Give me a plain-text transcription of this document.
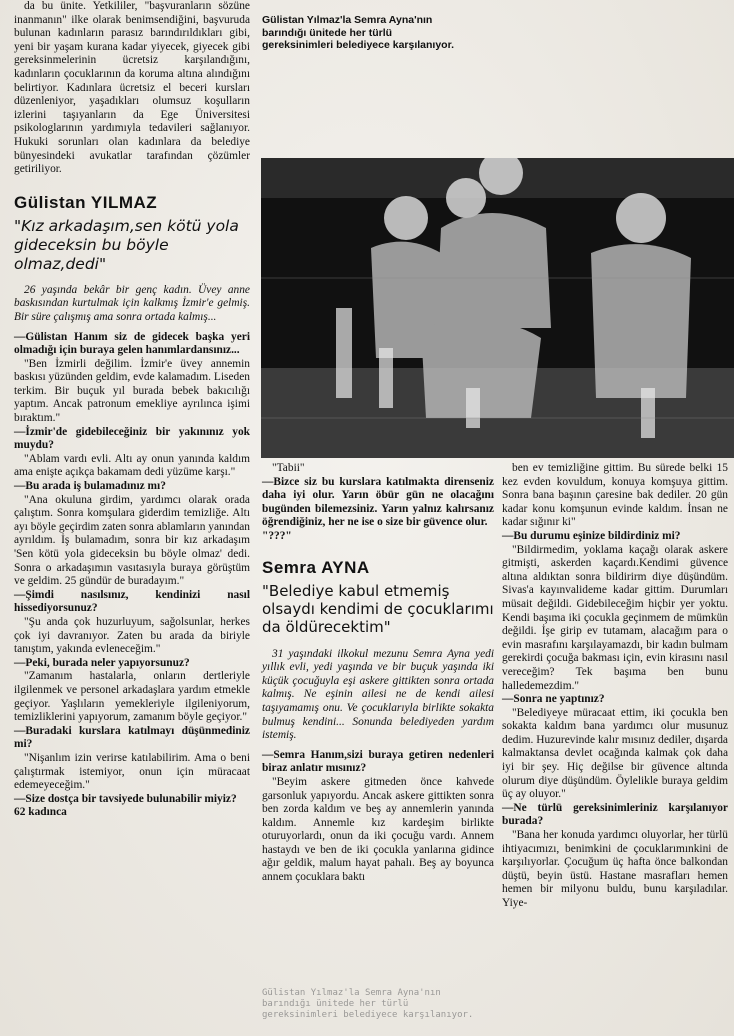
da bu ünite. Yetkililer, "başvuranların sözüne inanmanın" ilke olarak benimsendiğini, başvuruda bulunan kadınların parasız barındırıldıkları gibi, yeni bir yaşam kurana kadar yiyecek, giyecek gibi gereksinmelerinin ücretsiz karşılandığını, kadınların çocuklarının da koruma altına alındığını belirtiyor. Kadınlara ücretsiz el beceri kursları düzenleniyor, yaşadıkları olumsuz koşulların izlerini taşıyanların da Ege Üniversitesi psikologlarının yardımıyla tedavileri sağlanıyor. Hukuki sorunları olan kadınlara da belediye bünyesindeki avukatlar tarafından çözümler getiriliyor.

Gülistan YILMAZ
"Kız arkadaşım,sen kötü yola gideceksin bu böyle olmaz,dedi"

26 yaşında bekâr bir genç kadın. Üvey anne baskısından kurtulmak için kalkmış İzmir'e gelmiş. Bir süre çalışmış ama sonra ortada kalmış...

—Gülistan Hanım siz de gidecek başka yeri olmadığı için buraya gelen hanımlardansınız...

"Ben İzmirli değilim. İzmir'e üvey annemin baskısı yüzünden geldim, evde kalamadım. Liseden terkim. Bir buçuk yıl burada bebek bakıcılığı yaptım. Ancak patronum emekliye ayrılınca işimi bıraktım."

—İzmir'de gidebileceğiniz bir yakınınız yok muydu?

"Ablam vardı evli. Altı ay onun yanında kaldım ama enişte açıkça bakamam dedi yüzüme karşı."

—Bu arada iş bulamadınız mı?

"Ana okuluna girdim, yardımcı olarak orada çalıştım. Sonra komşulara giderdim temizliğe. Altı ayı böyle geçirdim zaten sonra ablamların yanından ayrıldım. İş bulamadım, sonra bir kız arkadaşım 'Sen kötü yola gideceksin bu böyle olmaz' dedi. Sonra o arkadaşımın vasıtasıyla buraya görüştüm ve geldim. 25 gündür de buradayım."

—Şimdi nasılsınız, kendinizi nasıl hissediyorsunuz?

"Şu anda çok huzurluyum, sağolsunlar, herkes çok iyi davranıyor. Zaten bu arada da biriyle tanıştım, yakında evleneceğim."

—Peki, burada neler yapıyorsunuz?

"Zamanım hastalarla, onların dertleriyle ilgilenmek ve personel arkadaşlara yardım etmekle geçiyor. Yaşlıların yemekleriyle ilgileniyorum, temizliklerini yapıyorum, zamanım böyle geçiyor."

—Buradaki kurslara katılmayı düşünmediniz mi?

"Nişanlım izin verirse katılabilirim. Ama o beni çalıştırmak istemiyor, onun için müracaat edemeyeceğim."

—Size dostça bir tavsiyede bulunabilir miyiz?

62 kadınca

Gülistan Yılmaz'la Semra Ayna'nın barındığı ünitede her türlü gereksinimleri belediyece karşılanıyor.

"Tabii"

—Bizce siz bu kurslara katılmakta direnseniz daha iyi olur. Yarın öbür gün ne olacağını bugünden bilemezsiniz. Yarın yalnız kalırsanız öğrendiğiniz, her ne ise o size bir güvence olur.

"???"

Semra AYNA
"Belediye kabul etmemiş olsaydı kendimi de çocuklarımı da öldürecektim"

31 yaşındaki ilkokul mezunu Semra Ayna yedi yıllık evli, yedi yaşında ve bir buçuk yaşında iki küçük çocuğuyla eşi askere gittikten sonra ortada kalmış. Ne eşinin ailesi ne de kendi ailesi taşıyamamış onu. Ve çocuklarıyla birlikte sokakta bulmuş kendini... Sonunda belediyeden yardım istemiş.

—Semra Hanım,sizi buraya getiren nedenleri biraz anlatır mısınız?

"Beyim askere gitmeden önce kahvede garsonluk yapıyordu. Ancak askere gittikten sonra ben zorda kaldım ve beş ay annemlerin yanında kaldım. Annemle kız kardeşim birlikte oturuyorlardı, onun da iki çocuğu vardı. Annem hastaydı ve ben de iki çocukla yanlarına gidince ağır geldik, malum hayat pahalı. Beş ay boyunca annem çocuklara baktı

ben ev temizliğine gittim. Bu sürede belki 15 kez evden kovuldum, konuya komşuya gittim. Sonra bana başının çaresine bak dediler. 20 gün kadar konu komşunun evinde kaldım. İnsan ne kadar sığınır ki"

—Bu durumu eşinize bildirdiniz mi?

"Bildirmedim, yoklama kaçağı olarak askere gitmişti, askerden kaçardı.Kendimi güvence altına aldıktan sonra bildirirm diye düşündüm. Sivas'a kayınvalideme kadar gittim. Durumları müsait değildi. Gidebileceğim hiçbir yer yoktu. Kendi başıma iki çocukla geçinmem de mümkün değildi. İşe girip ev tutamam, alacağım para o evin masrafını karşılayamazdı, bir kadın bulmam gerekirdi çocuğa bakması için, evin kirasını nasıl vereceğim? Tek başıma ben bunu halledemezdim."

—Sonra ne yaptınız?

"Belediyeye müracaat ettim, iki çocukla ben sokakta kaldım bana yardımcı olur musunuz dedim. Huzurevinde kalır mısınız dediler, dışarda kalmaktansa devlet ocağında kalmak çok daha iyi bir şey. Hiç değilse bir güvence altında olurum diye düşündüm. Öylelikle buraya geldim üç ay oluyor."

—Ne türlü gereksinimleriniz karşılanıyor burada?

"Bana her konuda yardımcı oluyorlar, her türlü ihtiyacımızı, benimkini de çocuklarımınkini de karşılıyorlar. Çocuğum üç hafta önce balkondan düştü, beyin üstü. Hastane masrafları hemen hemen bir milyonu buldu, bunu karşıladılar. Yiye-

Gülistan Yılmaz'la Semra Ayna'nın barındığı ünitede her türlü gereksinimleri belediyece karşılanıyor.
